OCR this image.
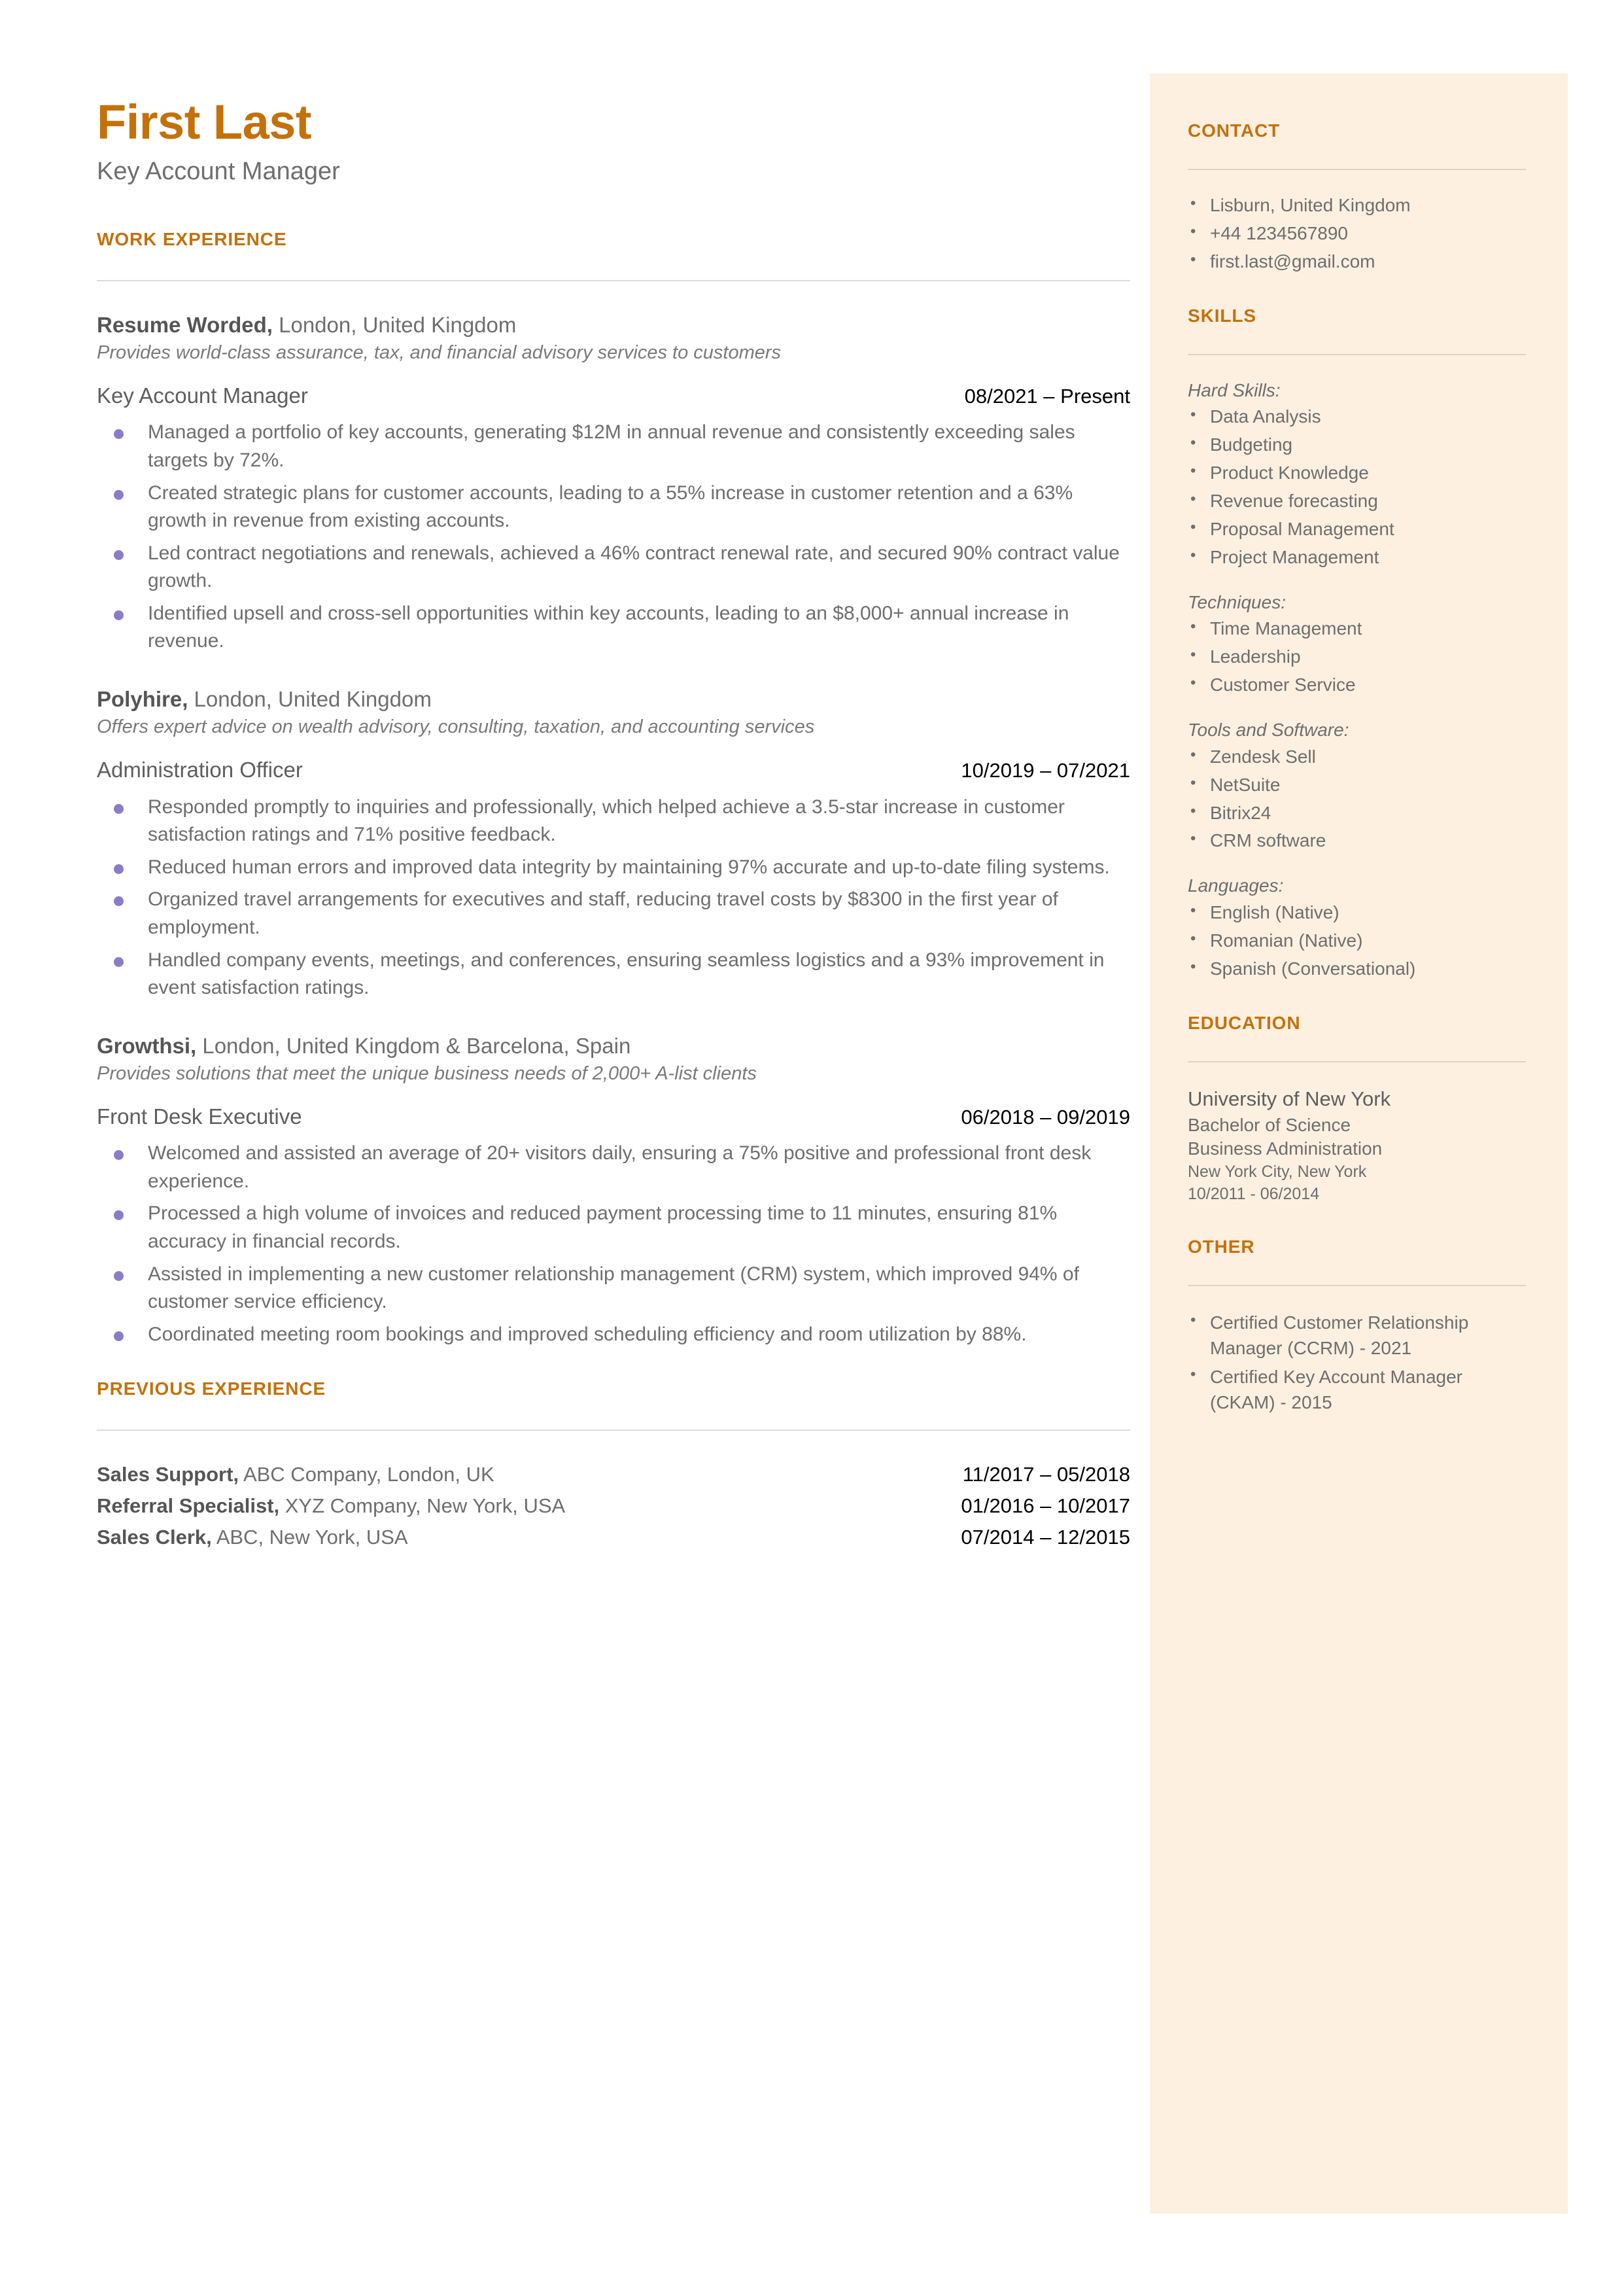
First Last
Key Account Manager
WORK EXPERIENCE
Resume Worded, London, United Kingdom
Provides world-class assurance, tax, and financial advisory services to customers
Key Account Manager	08/2021 – Present
Managed a portfolio of key accounts, generating $12M in annual revenue and consistently exceeding sales targets by 72%.
Created strategic plans for customer accounts, leading to a 55% increase in customer retention and a 63% growth in revenue from existing accounts.
Led contract negotiations and renewals, achieved a 46% contract renewal rate, and secured 90% contract value growth.
Identified upsell and cross-sell opportunities within key accounts, leading to an $8,000+ annual increase in revenue.
Polyhire, London, United Kingdom
Offers expert advice on wealth advisory, consulting, taxation, and accounting services
Administration Officer	10/2019 – 07/2021
Responded promptly to inquiries and professionally, which helped achieve a 3.5-star increase in customer satisfaction ratings and 71% positive feedback.
Reduced human errors and improved data integrity by maintaining 97% accurate and up-to-date filing systems.
Organized travel arrangements for executives and staff, reducing travel costs by $8300 in the first year of employment.
Handled company events, meetings, and conferences, ensuring seamless logistics and a 93% improvement in event satisfaction ratings.
Growthsi, London, United Kingdom & Barcelona, Spain
Provides solutions that meet the unique business needs of 2,000+ A-list clients
Front Desk Executive	06/2018 – 09/2019
Welcomed and assisted an average of 20+ visitors daily, ensuring a 75% positive and professional front desk experience.
Processed a high volume of invoices and reduced payment processing time to 11 minutes, ensuring 81% accuracy in financial records.
Assisted in implementing a new customer relationship management (CRM) system, which improved 94% of customer service efficiency.
Coordinated meeting room bookings and improved scheduling efficiency and room utilization by 88%.
PREVIOUS EXPERIENCE
Sales Support, ABC Company, London, UK	11/2017 – 05/2018
Referral Specialist, XYZ Company, New York, USA	01/2016 – 10/2017
Sales Clerk, ABC, New York, USA	07/2014 – 12/2015
CONTACT
• Lisburn, United Kingdom
• +44 1234567890
• first.last@gmail.com
SKILLS
Hard Skills:
• Data Analysis
• Budgeting
• Product Knowledge
• Revenue forecasting
• Proposal Management
• Project Management
Techniques:
• Time Management
• Leadership
• Customer Service
Tools and Software:
• Zendesk Sell
• NetSuite
• Bitrix24
• CRM software
Languages:
• English (Native)
• Romanian (Native)
• Spanish (Conversational)
EDUCATION
University of New York
Bachelor of Science
Business Administration
New York City, New York
10/2011 - 06/2014
OTHER
• Certified Customer Relationship Manager (CCRM) - 2021
• Certified Key Account Manager (CKAM) - 2015
